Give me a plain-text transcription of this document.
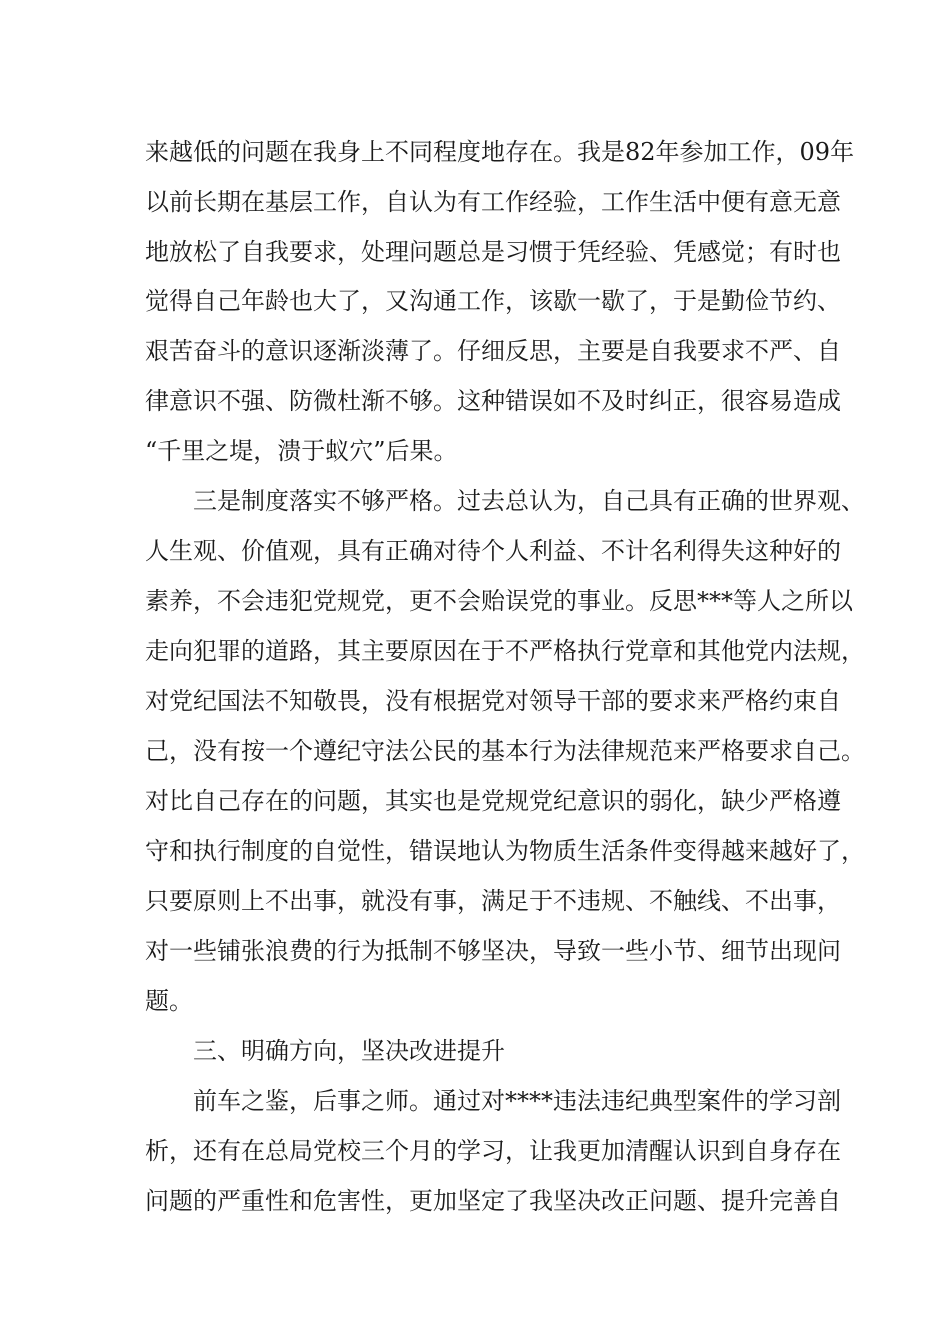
来越低的问题在我身上不同程度地存在。我是82年参加工作，09年
以前长期在基层工作，自认为有工作经验，工作生活中便有意无意
地放松了自我要求，处理问题总是习惯于凭经验、凭感觉；有时也
觉得自己年龄也大了，又沟通工作，该歇一歇了，于是勤俭节约、
艰苦奋斗的意识逐渐淡薄了。仔细反思，主要是自我要求不严、自
律意识不强、防微杜渐不够。这种错误如不及时纠正，很容易造成
“千里之堤，溃于蚁穴”后果。
三是制度落实不够严格。过去总认为，自己具有正确的世界观、
人生观、价值观，具有正确对待个人利益、不计名利得失这种好的
素养，不会违犯党规党，更不会贻误党的事业。反思***等人之所以
走向犯罪的道路，其主要原因在于不严格执行党章和其他党内法规，
对党纪国法不知敬畏，没有根据党对领导干部的要求来严格约束自
己，没有按一个遵纪守法公民的基本行为法律规范来严格要求自己。
对比自己存在的问题，其实也是党规党纪意识的弱化，缺少严格遵
守和执行制度的自觉性，错误地认为物质生活条件变得越来越好了，
只要原则上不出事，就没有事，满足于不违规、不触线、不出事，
对一些铺张浪费的行为抵制不够坚决，导致一些小节、细节出现问
题。
三、明确方向，坚决改进提升
前车之鉴，后事之师。通过对****违法违纪典型案件的学习剖
析，还有在总局党校三个月的学习，让我更加清醒认识到自身存在
问题的严重性和危害性，更加坚定了我坚决改正问题、提升完善自
